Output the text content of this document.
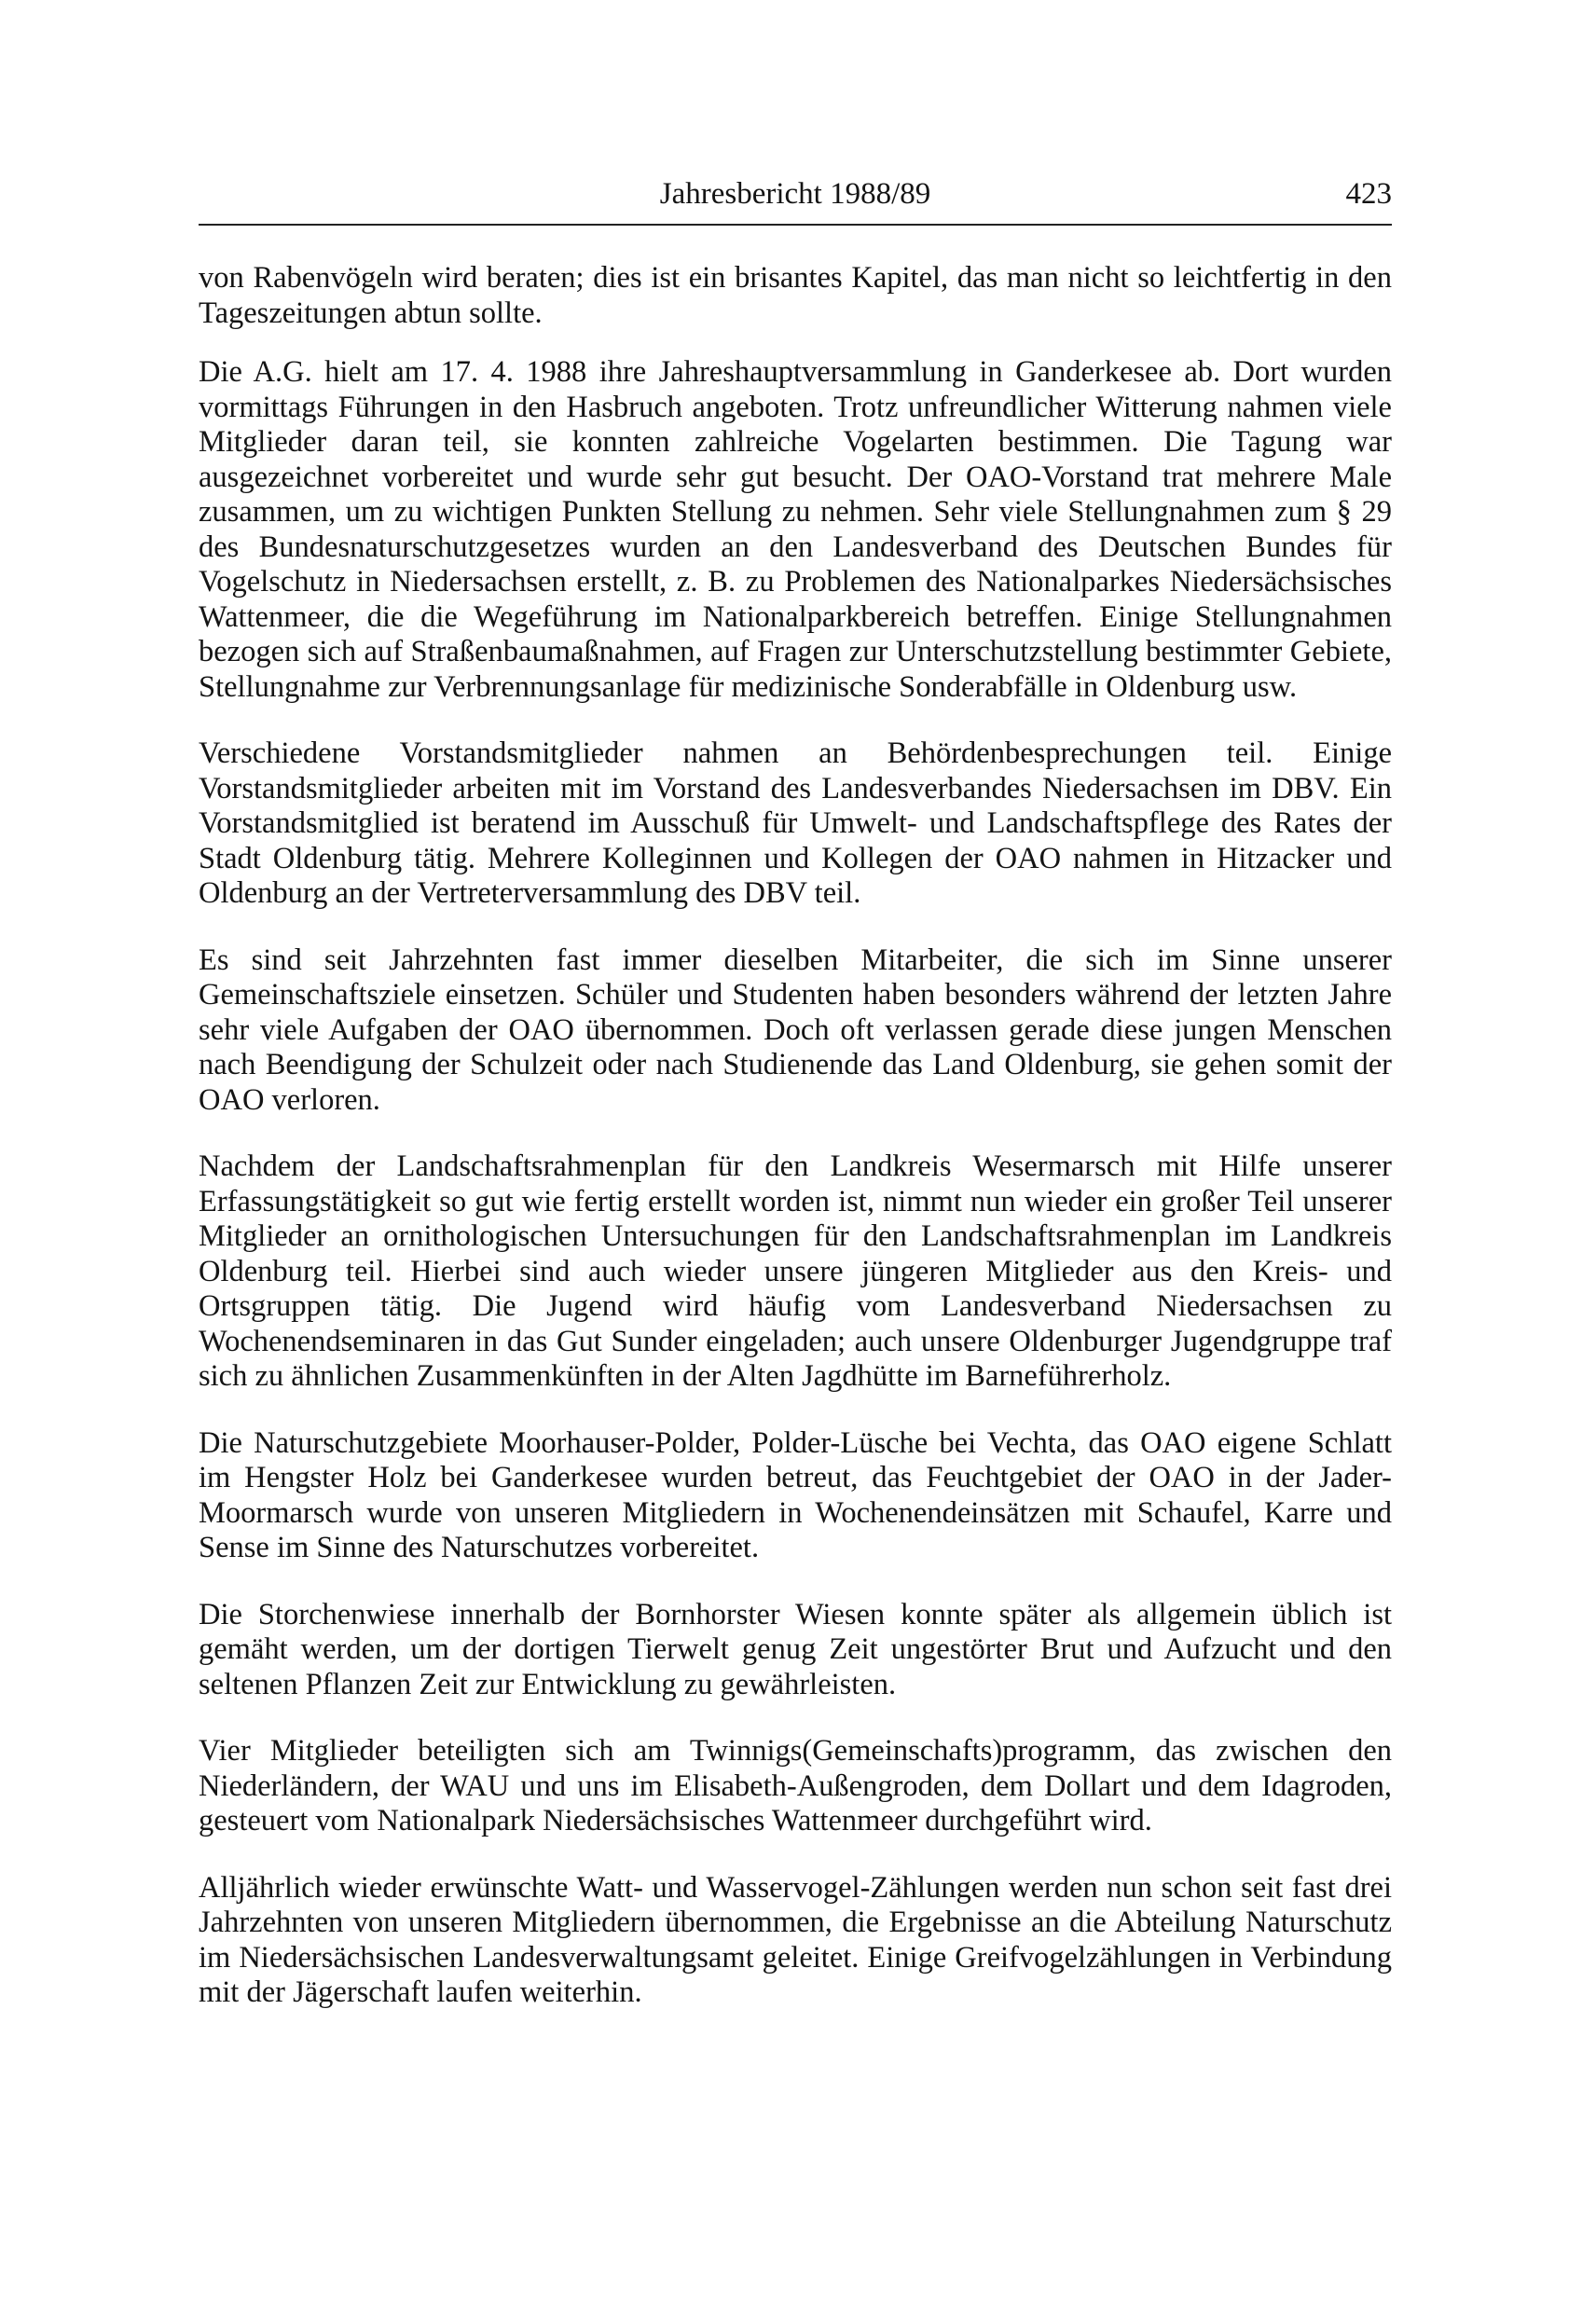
Jahresbericht 1988/89	423

von Rabenvögeln wird beraten; dies ist ein brisantes Kapitel, das man nicht so leichtfertig in den Tageszeitungen abtun sollte.

Die A.G. hielt am 17. 4. 1988 ihre Jahreshauptversammlung in Ganderkesee ab. Dort wurden vormittags Führungen in den Hasbruch angeboten. Trotz unfreundlicher Witterung nahmen viele Mitglieder daran teil, sie konnten zahlreiche Vogelarten bestimmen. Die Tagung war ausgezeichnet vorbereitet und wurde sehr gut besucht. Der OAO-Vorstand trat mehrere Male zusammen, um zu wichtigen Punkten Stellung zu nehmen. Sehr viele Stellungnahmen zum § 29 des Bundesnaturschutzgesetzes wurden an den Landesverband des Deutschen Bundes für Vogelschutz in Niedersachsen erstellt, z. B. zu Problemen des Nationalparkes Niedersächsisches Wattenmeer, die die Wegeführung im Nationalparkbereich betreffen. Einige Stellungnahmen bezogen sich auf Straßenbaumaßnahmen, auf Fragen zur Unterschutzstellung bestimmter Gebiete, Stellungnahme zur Verbrennungsanlage für medizinische Sonderabfälle in Oldenburg usw.

Verschiedene Vorstandsmitglieder nahmen an Behördenbesprechungen teil. Einige Vorstandsmitglieder arbeiten mit im Vorstand des Landesverbandes Niedersachsen im DBV. Ein Vorstandsmitglied ist beratend im Ausschuß für Umwelt- und Landschaftspflege des Rates der Stadt Oldenburg tätig. Mehrere Kolleginnen und Kollegen der OAO nahmen in Hitzacker und Oldenburg an der Vertreterversammlung des DBV teil.

Es sind seit Jahrzehnten fast immer dieselben Mitarbeiter, die sich im Sinne unserer Gemeinschaftsziele einsetzen. Schüler und Studenten haben besonders während der letzten Jahre sehr viele Aufgaben der OAO übernommen. Doch oft verlassen gerade diese jungen Menschen nach Beendigung der Schulzeit oder nach Studienende das Land Oldenburg, sie gehen somit der OAO verloren.

Nachdem der Landschaftsrahmenplan für den Landkreis Wesermarsch mit Hilfe unserer Erfassungstätigkeit so gut wie fertig erstellt worden ist, nimmt nun wieder ein großer Teil unserer Mitglieder an ornithologischen Untersuchungen für den Landschaftsrahmenplan im Landkreis Oldenburg teil. Hierbei sind auch wieder unsere jüngeren Mitglieder aus den Kreis- und Ortsgruppen tätig. Die Jugend wird häufig vom Landesverband Niedersachsen zu Wochenendseminaren in das Gut Sunder eingeladen; auch unsere Oldenburger Jugendgruppe traf sich zu ähnlichen Zusammenkünften in der Alten Jagdhütte im Barneführerholz.

Die Naturschutzgebiete Moorhauser-Polder, Polder-Lüsche bei Vechta, das OAO eigene Schlatt im Hengster Holz bei Ganderkesee wurden betreut, das Feuchtgebiet der OAO in der Jader-Moormarsch wurde von unseren Mitgliedern in Wochenendeinsätzen mit Schaufel, Karre und Sense im Sinne des Naturschutzes vorbereitet.

Die Storchenwiese innerhalb der Bornhorster Wiesen konnte später als allgemein üblich ist gemäht werden, um der dortigen Tierwelt genug Zeit ungestörter Brut und Aufzucht und den seltenen Pflanzen Zeit zur Entwicklung zu gewährleisten.

Vier Mitglieder beteiligten sich am Twinnigs(Gemeinschafts)programm, das zwischen den Niederländern, der WAU und uns im Elisabeth-Außengroden, dem Dollart und dem Idagroden, gesteuert vom Nationalpark Niedersächsisches Wattenmeer durchgeführt wird.

Alljährlich wieder erwünschte Watt- und Wasservogel-Zählungen werden nun schon seit fast drei Jahrzehnten von unseren Mitgliedern übernommen, die Ergebnisse an die Abteilung Naturschutz im Niedersächsischen Landesverwaltungsamt geleitet. Einige Greifvogelzählungen in Verbindung mit der Jägerschaft laufen weiterhin.
